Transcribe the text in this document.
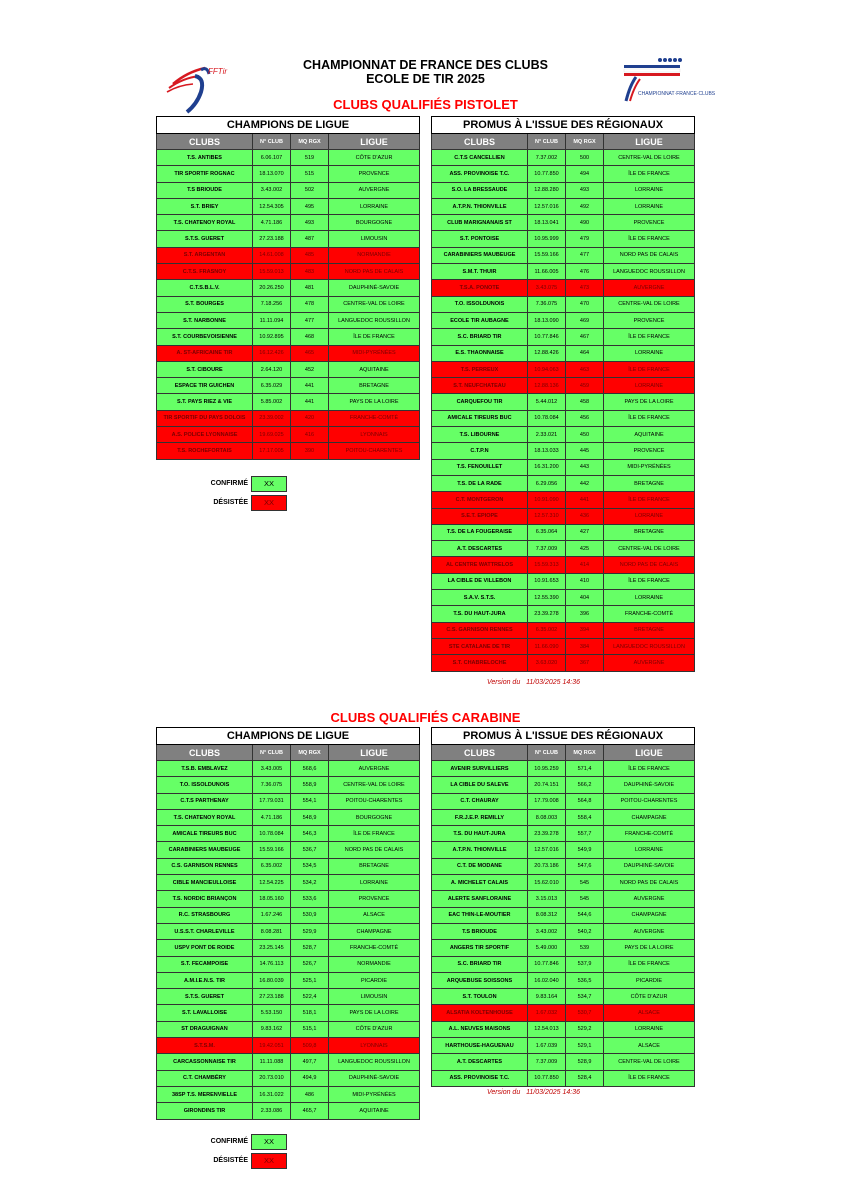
FFTir
CHAMPIONNAT·FRANCE·CLUBS
CHAMPIONNAT DE FRANCE DES CLUBS
ECOLE DE TIR 2025
CLUBS QUALIFIÉS PISTOLET
CHAMPIONS DE LIGUE			
CLUBS	N° CLUB	MQ RGX	LIGUE
T.S. ANTIBES	6.06.107	519	CÔTE D'AZUR
TIR SPORTIF ROGNAC	18.13.070	515	PROVENCE
T.S BRIOUDE	3.43.002	502	AUVERGNE
S.T. BRIEY	12.54.305	495	LORRAINE
T.S. CHATENOY ROYAL	4.71.186	493	BOURGOGNE
S.T.S. GUERET	27.23.188	487	LIMOUSIN
S.T. ARGENTAN	14.61.008	485	NORMANDIE
C.T.S. FRASNOY	15.59.013	483	NORD PAS DE CALAIS
C.T.S.B.L.V.	20.26.250	481	DAUPHINÉ-SAVOIE
S.T. BOURGES	7.18.256	478	CENTRE-VAL DE LOIRE
S.T. NARBONNE	11.11.094	477	LANGUEDOC ROUSSILLON
S.T. COURBEVOISIENNE	10.92.895	468	ÎLE DE FRANCE
A. ST-AFRICAINE TIR	16.12.426	465	MIDI-PYRÉNÉES
S.T. CIBOURE	2.64.120	452	AQUITAINE
ESPACE TIR GUICHEN	6.35.029	441	BRETAGNE
S.T. PAYS RIEZ & VIE	5.85.002	441	PAYS DE LA LOIRE
TIR SPORTIF DU PAYS DOLOIS	23.39.002	420	FRANCHE-COMTÉ
A.S. POLICE LYONNAISE	19.69.025	416	LYONNAIS
T.S. ROCHEFORTAIS	17.17.005	390	POITOU-CHARENTES
PROMUS À L'ISSUE DES RÉGIONAUX			
CLUBS	N° CLUB	MQ RGX	LIGUE
C.T.S CANCELLIEN	7.37.002	500	CENTRE-VAL DE LOIRE
ASS. PROVINOISE T.C.	10.77.850	494	ÎLE DE FRANCE
S.O. LA BRESSAUDE	12.88.280	493	LORRAINE
A.T.P.N. THIONVILLE	12.57.016	492	LORRAINE
CLUB MARIGNANAIS ST	18.13.041	490	PROVENCE
S.T. PONTOISE	10.95.999	479	ÎLE DE FRANCE
CARABINIERS MAUBEUGE	15.59.166	477	NORD PAS DE CALAIS
S.M.T. THUIR	11.66.005	476	LANGUEDOC ROUSSILLON
T.S.A. PONOTE	3.43.075	473	AUVERGNE
T.O. ISSOLDUNOIS	7.36.075	470	CENTRE-VAL DE LOIRE
ECOLE TIR AUBAGNE	18.13.090	469	PROVENCE
S.C. BRIARD TIR	10.77.846	467	ÎLE DE FRANCE
E.S. THAONNAISE	12.88.426	464	LORRAINE
T.S. PERREUX	10.94.063	463	ÎLE DE FRANCE
S.T. NEUFCHATEAU	12.88.136	459	LORRAINE
CARQUEFOU TIR	5.44.012	458	PAYS DE LA LOIRE
AMICALE TIREURS BUC	10.78.084	456	ÎLE DE FRANCE
T.S. LIBOURNE	2.33.021	450	AQUITAINE
C.T.P.N	18.13.033	445	PROVENCE
T.S. FENOUILLET	16.31.200	443	MIDI-PYRÉNÉES
T.S. DE LA RADE	6.29.056	442	BRETAGNE
C.T. MONTGERON	10.91.090	441	ÎLE DE FRANCE
S.E.T. EPIOPE	12.57.310	436	LORRAINE
T.S. DE LA FOUGERAISE	6.35.064	427	BRETAGNE
A.T. DESCARTES	7.37.009	425	CENTRE-VAL DE LOIRE
AL CENTRE WATTRELOS	15.59.313	414	NORD PAS DE CALAIS
LA CIBLE DE VILLEBON	10.91.653	410	ÎLE DE FRANCE
S.A.V. S.T.S.	12.55.390	404	LORRAINE
T.S. DU HAUT-JURA	23.39.278	396	FRANCHE-COMTÉ
C.S. GARNISON RENNES	6.35.002	394	BRETAGNE
STE CATALANE DE TIR	11.66.090	384	LANGUEDOC ROUSSILLON
S.T. CHABRELOCHE	3.63.020	367	AUVERGNE
CONFIRMÉ	XX
DÉSISTÉE	XX
Version du 11/03/2025 14:36
CLUBS QUALIFIÉS CARABINE
CHAMPIONS DE LIGUE			
CLUBS	N° CLUB	MQ RGX	LIGUE
T.S.B. EMBLAVEZ	3.43.005	568,6	AUVERGNE
T.O. ISSOLDUNOIS	7.36.075	558,9	CENTRE-VAL DE LOIRE
C.T.S PARTHENAY	17.79.031	554,1	POITOU-CHARENTES
T.S. CHATENOY ROYAL	4.71.186	548,9	BOURGOGNE
AMICALE TIREURS BUC	10.78.084	546,3	ÎLE DE FRANCE
CARABINIERS MAUBEUGE	15.59.166	536,7	NORD PAS DE CALAIS
C.S. GARNISON RENNES	6.35.002	534,5	BRETAGNE
CIBLE MANCIEULLOISE	12.54.225	534,2	LORRAINE
T.S. NORDIC BRIANÇON	18.05.160	533,6	PROVENCE
R.C. STRASBOURG	1.67.246	530,9	ALSACE
U.S.S.T. CHARLEVILLE	8.08.281	529,9	CHAMPAGNE
USPV PONT DE ROIDE	23.25.145	528,7	FRANCHE-COMTÉ
S.T. FECAMPOISE	14.76.113	526,7	NORMANDIE
A.M.I.E.N.S. TIR	16.80.039	525,1	PICARDIE
S.T.S. GUERET	27.23.188	522,4	LIMOUSIN
S.T. LAVALLOISE	5.53.150	518,1	PAYS DE LA LOIRE
ST DRAGUIGNAN	9.83.162	515,1	CÔTE D'AZUR
S.T.S.M.	19.42.051	509,8	LYONNAIS
CARCASSONNAISE TIR	11.11.088	497,7	LANGUEDOC ROUSSILLON
C.T. CHAMBÉRY	20.73.010	494,9	DAUPHINÉ-SAVOIE
38SP T.S. MERENVIELLE	16.31.022	486	MIDI-PYRÉNÉES
GIRONDINS TIR	2.33.086	465,7	AQUITAINE
PROMUS À L'ISSUE DES RÉGIONAUX			
CLUBS	N° CLUB	MQ RGX	LIGUE
AVENIR SURVILLIERS	10.95.259	571,4	ÎLE DE FRANCE
LA CIBLE DU SALEVE	20.74.151	566,2	DAUPHINÉ-SAVOIE
C.T. CHAURAY	17.79.008	564,8	POITOU-CHARENTES
F.R.J.E.P. REMILLY	8.08.003	558,4	CHAMPAGNE
T.S. DU HAUT-JURA	23.39.278	557,7	FRANCHE-COMTÉ
A.T.P.N. THIONVILLE	12.57.016	549,9	LORRAINE
C.T. DE MODANE	20.73.186	547,6	DAUPHINÉ-SAVOIE
A. MICHELET CALAIS	15.62.010	545	NORD PAS DE CALAIS
ALERTE SANFLORAINE	3.15.013	545	AUVERGNE
EAC THIN-LE-MOUTIER	8.08.312	544,6	CHAMPAGNE
T.S BRIOUDE	3.43.002	540,2	AUVERGNE
ANGERS TIR SPORTIF	5.49.000	539	PAYS DE LA LOIRE
S.C. BRIARD TIR	10.77.846	537,9	ÎLE DE FRANCE
ARQUEBUSE SOISSONS	16.02.040	536,5	PICARDIE
S.T. TOULON	9.83.164	534,7	CÔTE D'AZUR
ALSATIA KOLTENHOUSE	1.67.032	530,7	ALSACE
A.L. NEUVES MAISONS	12.54.013	529,2	LORRAINE
HARTHOUSE-HAGUENAU	1.67.039	529,1	ALSACE
A.T. DESCARTES	7.37.009	528,9	CENTRE-VAL DE LOIRE
ASS. PROVINOISE T.C.	10.77.850	528,4	ÎLE DE FRANCE
CONFIRMÉ	XX
DÉSISTÉE	XX
Version du 11/03/2025 14:36
